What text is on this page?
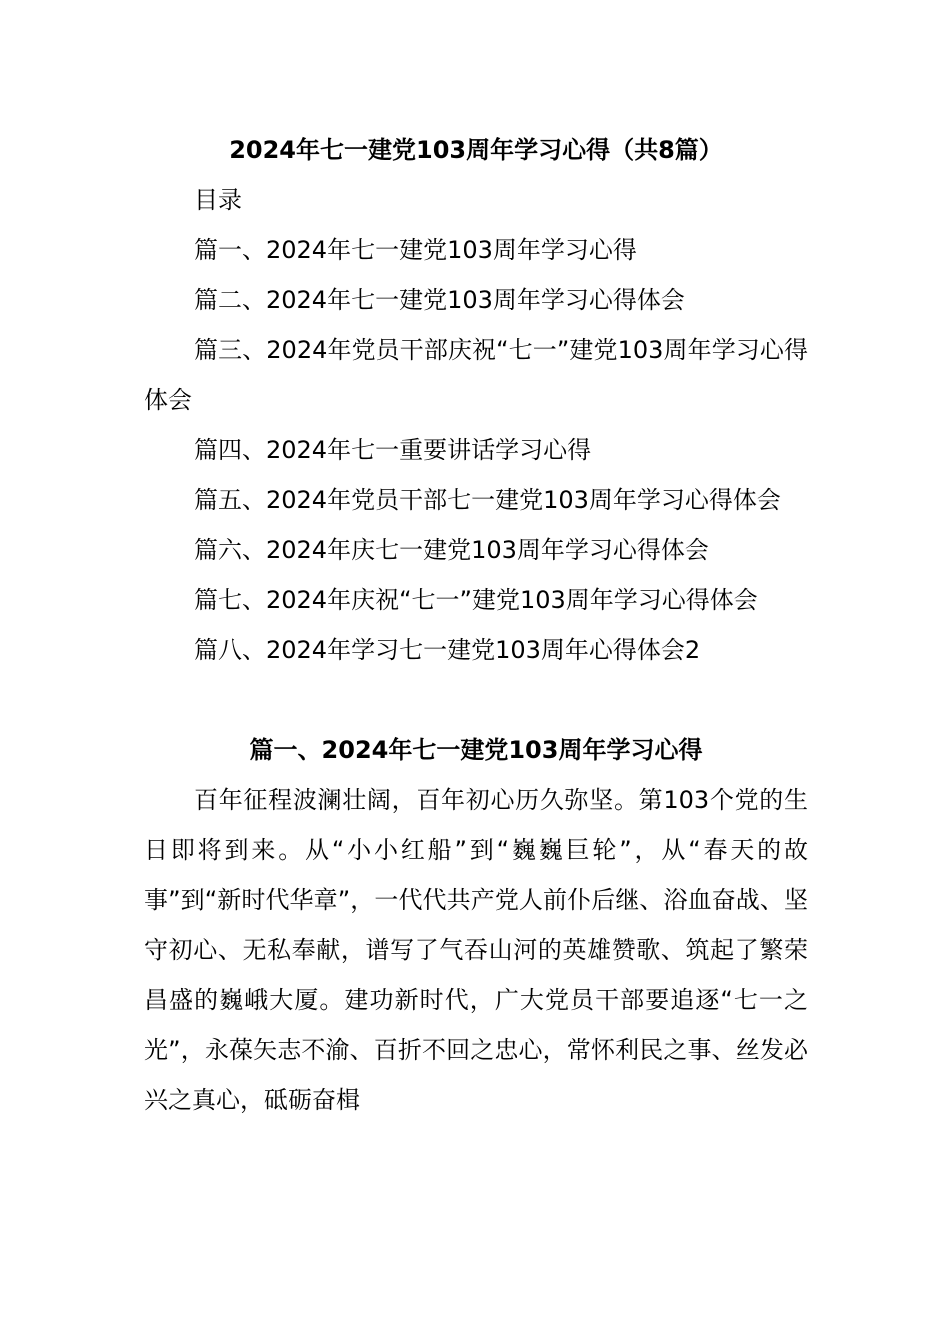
2024年七一建党103周年学习心得（共8篇）

目录

篇一、2024年七一建党103周年学习心得

篇二、2024年七一建党103周年学习心得体会

篇三、2024年党员干部庆祝“七一”建党103周年学习心得体会

篇四、2024年七一重要讲话学习心得

篇五、2024年党员干部七一建党103周年学习心得体会

篇六、2024年庆七一建党103周年学习心得体会

篇七、2024年庆祝“七一”建党103周年学习心得体会

篇八、2024年学习七一建党103周年心得体会2

篇一、2024年七一建党103周年学习心得

百年征程波澜壮阔，百年初心历久弥坚。第103个党的生日即将到来。从“小小红船”到“巍巍巨轮”，从“春天的故事”到“新时代华章”，一代代共产党人前仆后继、浴血奋战、坚守初心、无私奉献，谱写了气吞山河的英雄赞歌、筑起了繁荣昌盛的巍峨大厦。建功新时代，广大党员干部要追逐“七一之光”，永葆矢志不渝、百折不回之忠心，常怀利民之事、丝发必兴之真心，砥砺奋楫
